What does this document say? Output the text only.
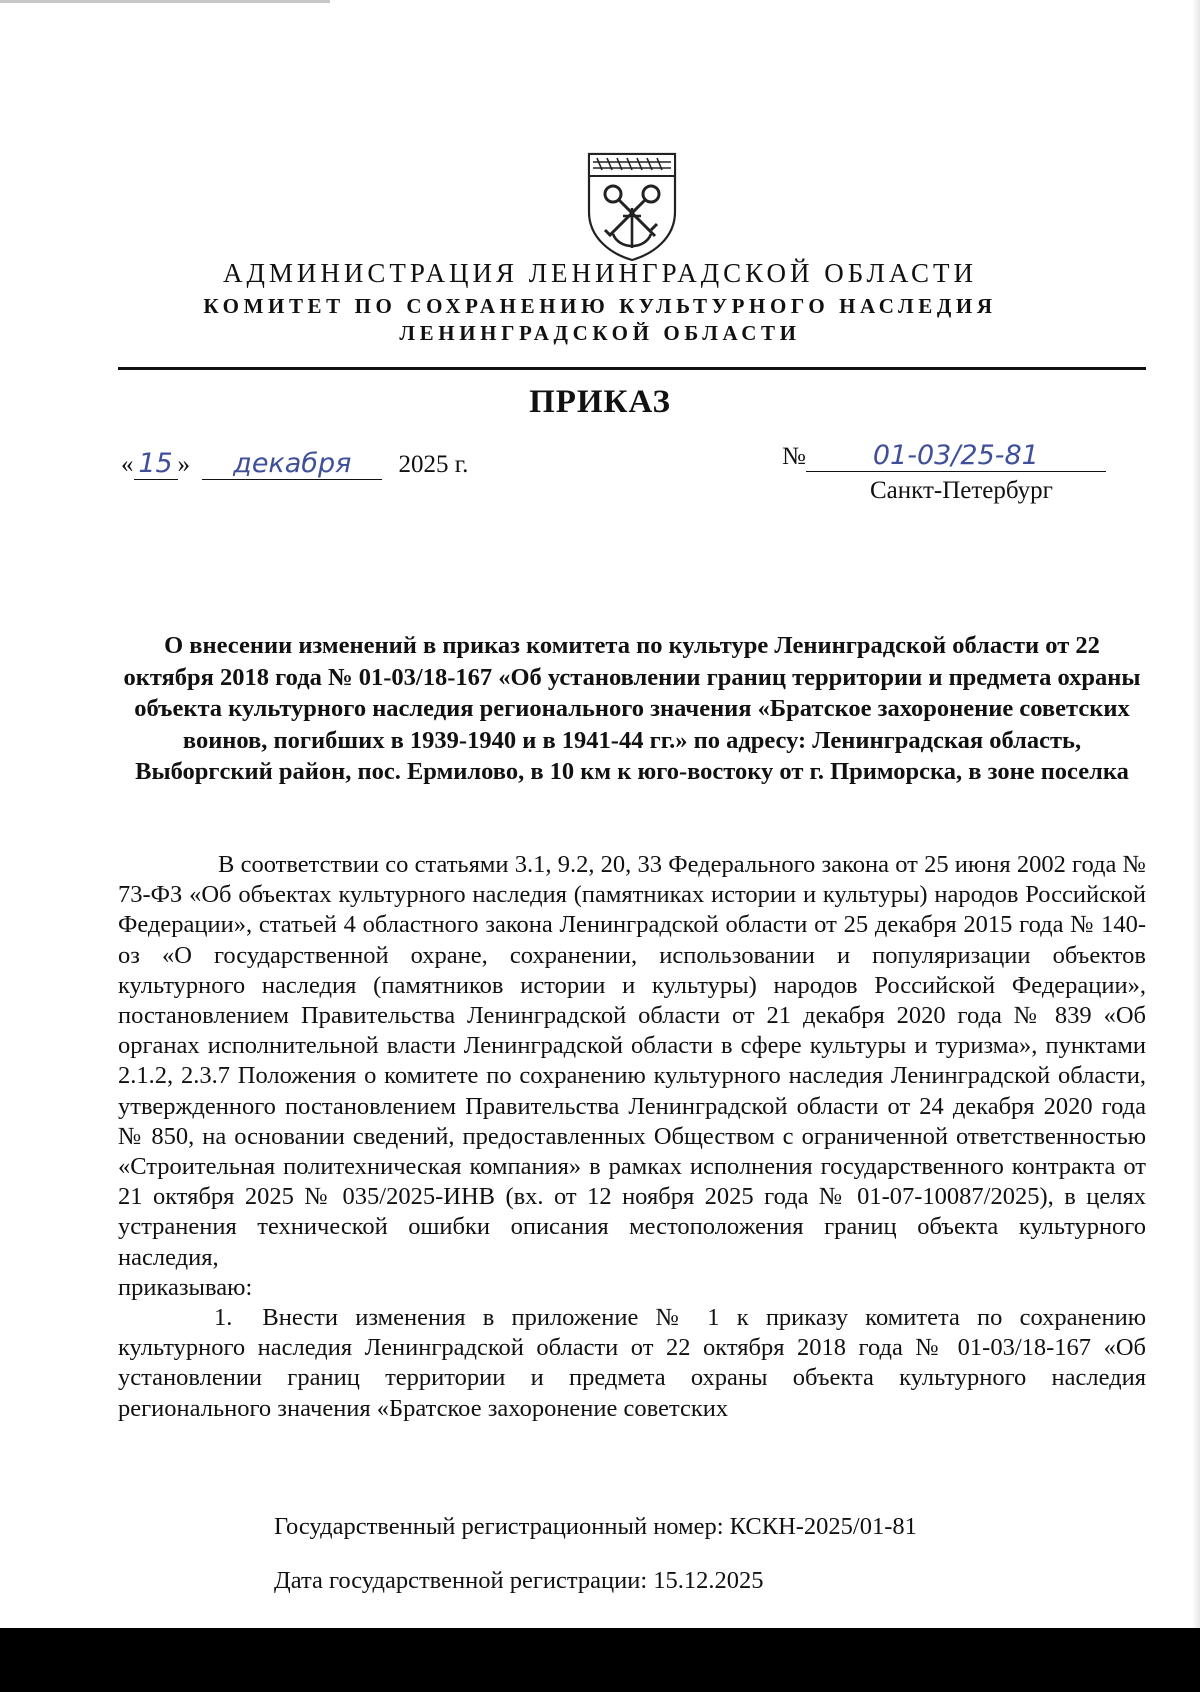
АДМИНИСТРАЦИЯ ЛЕНИНГРАДСКОЙ ОБЛАСТИ
КОМИТЕТ ПО СОХРАНЕНИЮ КУЛЬТУРНОГО НАСЛЕДИЯ
ЛЕНИНГРАДСКОЙ ОБЛАСТИ
ПРИКАЗ
« 15 » декабря 2025 г.	№ 01-03/25-81
Санкт-Петербург
О внесении изменений в приказ комитета по культуре Ленинградской области от 22 октября 2018 года № 01-03/18-167 «Об установлении границ территории и предмета охраны объекта культурного наследия регионального значения «Братское захоронение советских воинов, погибших в 1939-1940 и в 1941-44 гг.» по адресу: Ленинградская область, Выборгский район, пос. Ермилово, в 10 км к юго-востоку от г. Приморска, в зоне поселка

В соответствии со статьями 3.1, 9.2, 20, 33 Федерального закона от 25 июня 2002 года № 73-ФЗ «Об объектах культурного наследия (памятниках истории и культуры) народов Российской Федерации», статьей 4 областного закона Ленинградской области от 25 декабря 2015 года № 140-оз «О государственной охране, сохранении, использовании и популяризации объектов культурного наследия (памятников истории и культуры) народов Российской Федерации», постановлением Правительства Ленинградской области от 21 декабря 2020 года № 839 «Об органах исполнительной власти Ленинградской области в сфере культуры и туризма», пунктами 2.1.2, 2.3.7 Положения о комитете по сохранению культурного наследия Ленинградской области, утвержденного постановлением Правительства Ленинградской области от 24 декабря 2020 года № 850, на основании сведений, предоставленных Обществом с ограниченной ответственностью «Строительная политехническая компания» в рамках исполнения государственного контракта от 21 октября 2025 № 035/2025-ИНВ (вх. от 12 ноября 2025 года № 01-07-10087/2025), в целях устранения технической ошибки описания местоположения границ объекта культурного наследия,

приказываю:

1. Внести изменения в приложение № 1 к приказу комитета по сохранению культурного наследия Ленинградской области от 22 октября 2018 года № 01-03/18-167 «Об установлении границ территории и предмета охраны объекта культурного наследия регионального значения «Братское захоронение советских

Государственный регистрационный номер: КСКН-2025/01-81
Дата государственной регистрации: 15.12.2025
